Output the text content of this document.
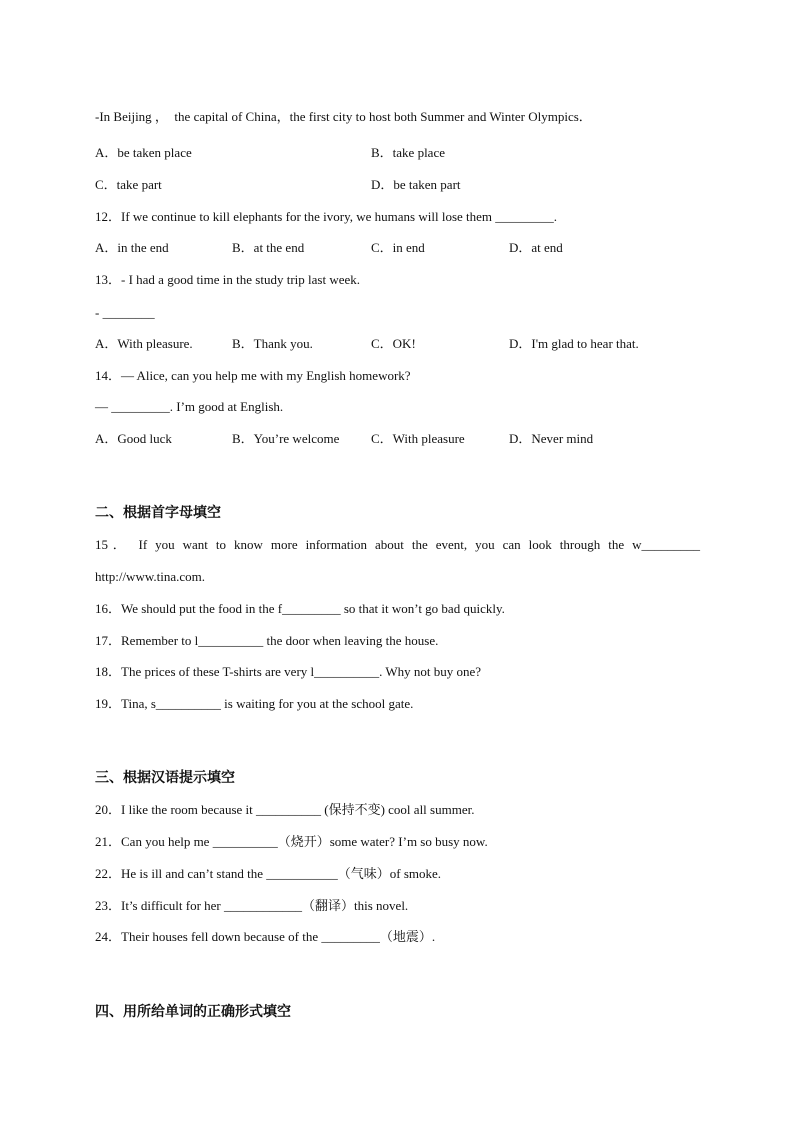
-In Beijing ，  the capital of China，the first city to host both Summer and Winter Olympics．
A．be taken place	B．take place
C．take part	D．be taken part
12．If we continue to kill elephants for the ivory, we humans will lose them _________.
A．in the end	B．at the end	C．in end	D．at end
13．- I had a good time in the study trip last week.
- ________
A．With pleasure.	B．Thank you.	C．OK!	D．I'm glad to hear that.
14．— Alice, can you help me with my English homework?
— _________. I’m good at English.
A．Good luck	B．You’re welcome C．With pleasure	D．Never mind
二、根据首字母填空
15． If you want to know more information about the event, you can look through the w_________
http://www.tina.com.
16．We should put the food in the f_________ so that it won’t go bad quickly.
17．Remember to l__________ the door when leaving the house.
18．The prices of these T-shirts are very l__________. Why not buy one?
19．Tina, s__________ is waiting for you at the school gate.
三、根据汉语提示填空
20．I like the room because it __________ (保持不变) cool all summer.
21．Can you help me __________（烧开）some water? I’m so busy now.
22．He is ill and can’t stand the ___________（气味）of smoke.
23．It’s difficult for her ____________（翻译）this novel.
24．Their houses fell down because of the _________（地震）.
四、用所给单词的正确形式填空
